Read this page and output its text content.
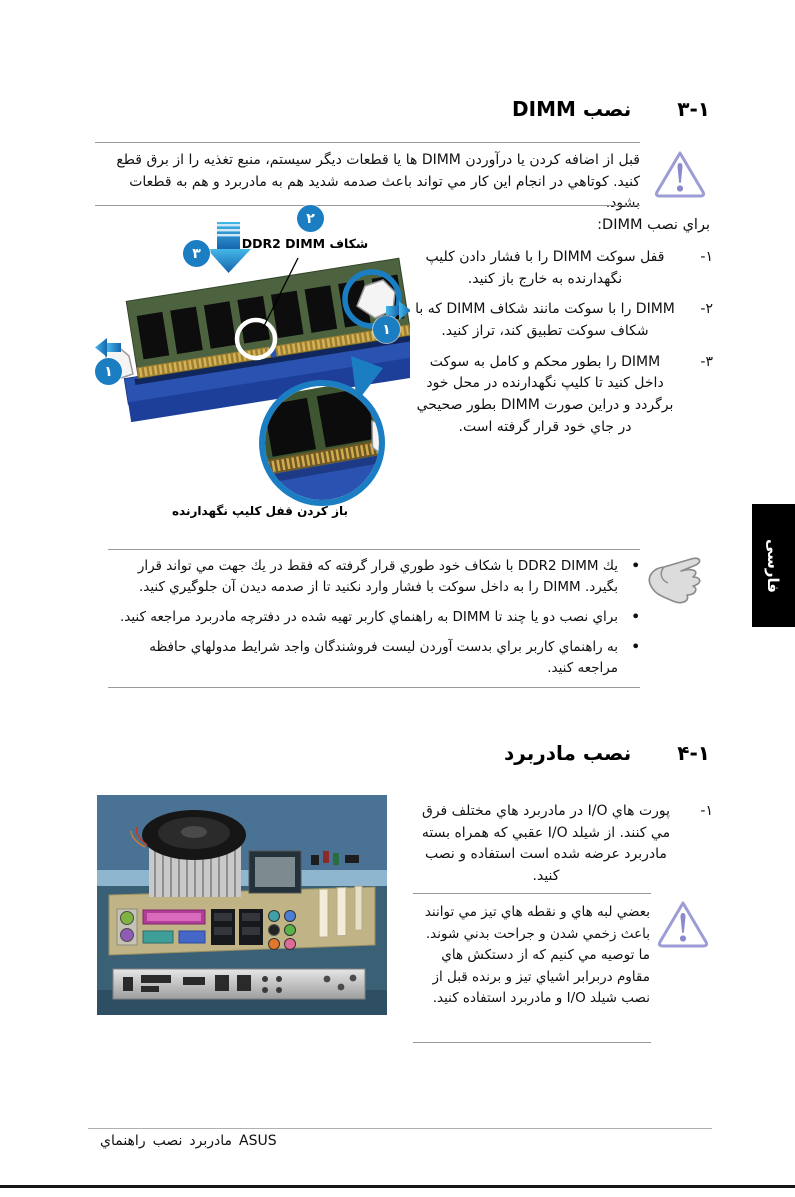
١-٣
نصب DIMM
قبل از اضافه كردن يا درآوردن DIMM ها يا قطعات ديگر سيستم، منبع تغذيه را از برق قطع كنيد. كوتاهي در انجام اين كار مي تواند باعث صدمه شديد هم به مادربرد و هم به قطعات بشود.
براي نصب DIMM:
١-
قفل سوكت DIMM را با فشار دادن كليپ نگهدارنده به خارج باز كنيد.
٢-
DIMM را با سوكت مانند شكاف DIMM كه با شكاف سوكت تطبيق كند، تراز كنيد.
٣-
DIMM را بطور محكم و كامل به سوكت داخل كنيد تا كليپ نگهدارنده در محل خود برگردد و دراين صورت DIMM بطور صحيحي در جاي خود قرار گرفته است.
شكاف DDR2 DIMM
باز كردن قفل كليپ نگهدارنده
٢
٣
١
١
• يك DDR2 DIMM با شكاف خود طوري قرار گرفته كه فقط در يك جهت مي تواند قرار بگيرد. DIMM را به داخل سوكت با فشار وارد نكنيد تا از صدمه ديدن آن جلوگيري كنيد.
• براي نصب دو يا چند تا DIMM به راهنماي كاربر تهيه شده در دفترچه مادربرد مراجعه كنيد.
• به راهنماي كاربر براي بدست آوردن ليست فروشندگان واجد شرايط مدولهاي حافظه مراجعه كنيد.
١-۴
نصب مادربرد
١-
پورت هاي I/O در مادربرد هاي مختلف فرق مي كنند. از شيلد I/O عقبي كه همراه بسته مادربرد عرضه شده است استفاده و نصب كنيد.
بعضي لبه هاي و نقطه هاي تيز مي توانند باعث زخمي شدن و جراحت بدني شوند. ما توصيه مي كنيم كه از دستكش هاي مقاوم دربرابر اشياي تيز و برنده قبل از نصب شيلد I/O و مادربرد استفاده كنيد.
فارسی
راهنماي نصب مادربرد ASUS
